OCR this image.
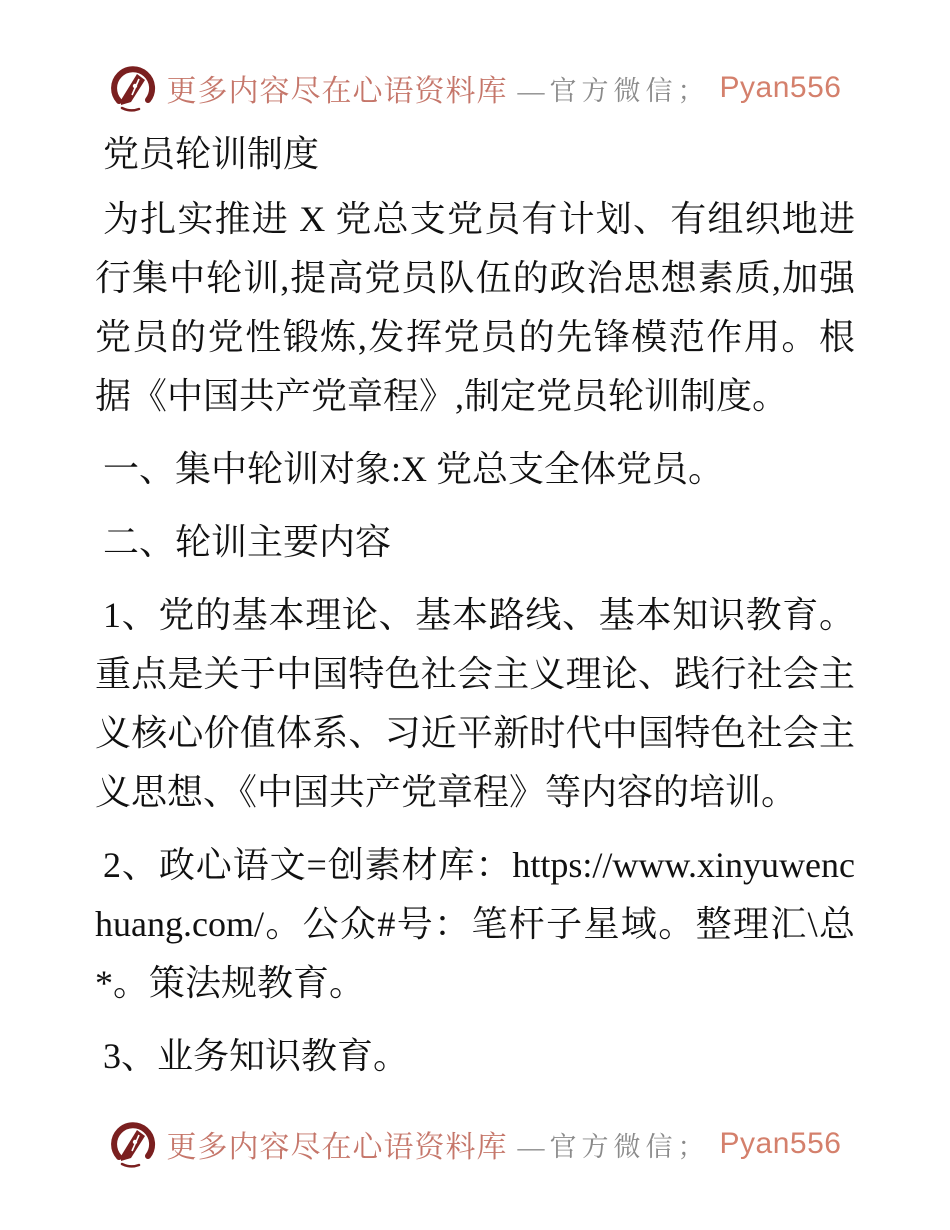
更多内容尽在心语资料库 —官方微信； Pyan556
党员轮训制度

为扎实推进 X 党总支党员有计划、有组织地进行集中轮训,提高党员队伍的政治思想素质,加强党员的党性锻炼,发挥党员的先锋模范作用。根据《中国共产党章程》,制定党员轮训制度。

一、集中轮训对象:X 党总支全体党员。

二、轮训主要内容

1、党的基本理论、基本路线、基本知识教育。重点是关于中国特色社会主义理论、践行社会主义核心价值体系、习近平新时代中国特色社会主义思想、《中国共产党章程》等内容的培训。

2、政心语文=创素材库：https://www.xinyuwenchuang.com/。公众#号：笔杆子星域。整理汇\总*。策法规教育。

3、业务知识教育。

更多内容尽在心语资料库 —官方微信； Pyan556
